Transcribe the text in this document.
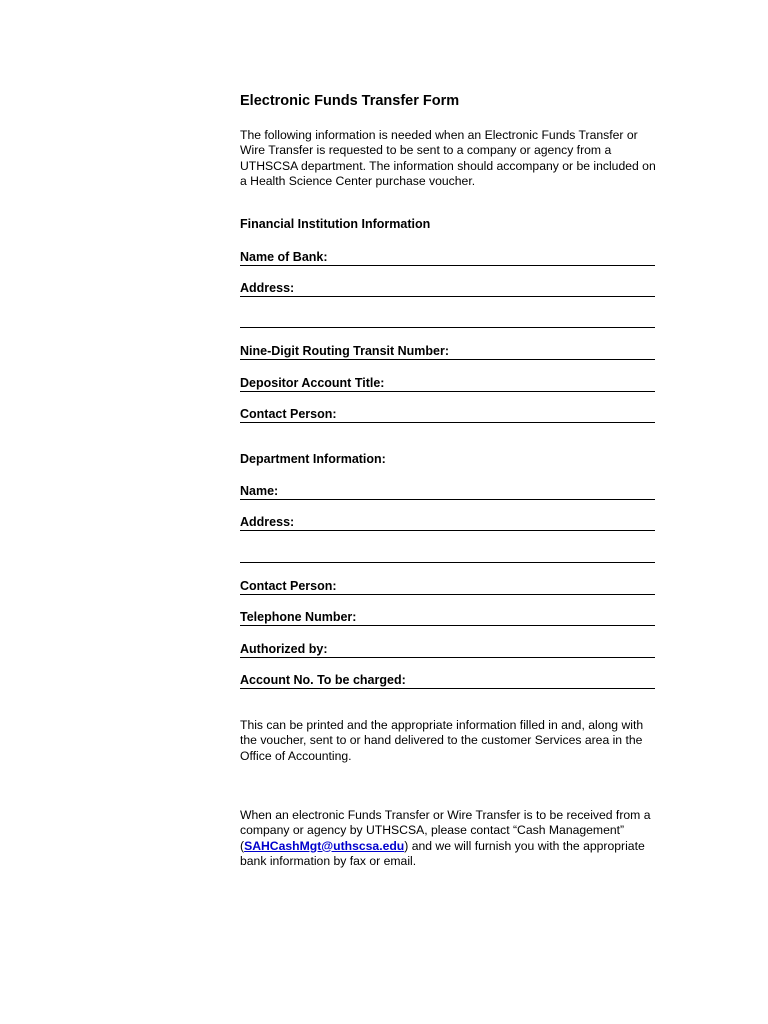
Electronic Funds Transfer Form

The following information is needed when an Electronic Funds Transfer or Wire Transfer is requested to be sent to a company or agency from a UTHSCSA department. The information should accompany or be included on a Health Science Center purchase voucher.

Financial Institution Information
Name of Bank:
Address:
Nine-Digit Routing Transit Number:
Depositor Account Title:
Contact Person:
Department Information:
Name:
Address:
Contact Person:
Telephone Number:
Authorized by:
Account No. To be charged:

This can be printed and the appropriate information filled in and, along with the voucher, sent to or hand delivered to the customer Services area in the Office of Accounting.

When an electronic Funds Transfer or Wire Transfer is to be received from a company or agency by UTHSCSA, please contact “Cash Management” (SAHCashMgt@uthscsa.edu) and we will furnish you with the appropriate bank information by fax or email.
